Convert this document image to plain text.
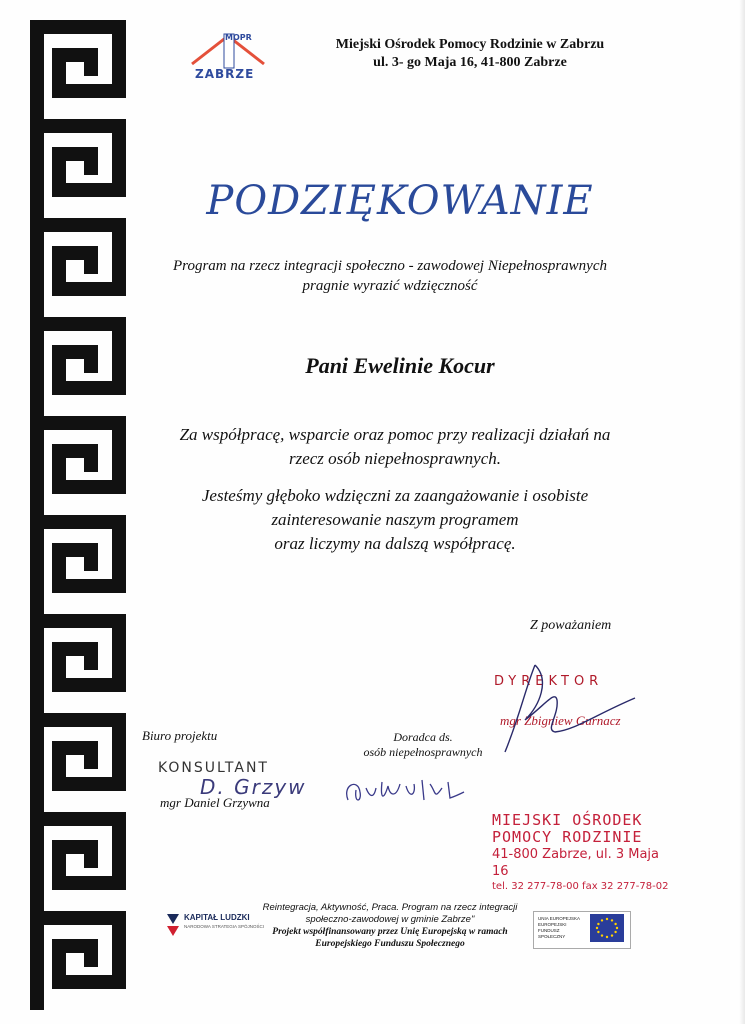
MOPR
ZABRZE
Miejski Ośrodek Pomocy Rodzinie w Zabrzu
ul. 3- go Maja 16, 41-800 Zabrze
PODZIĘKOWANIE
Program na rzecz integracji społeczno - zawodowej Niepełnosprawnych
pragnie wyrazić wdzięczność
Pani Ewelinie Kocur
Za współpracę, wsparcie oraz pomoc przy realizacji działań na
rzecz osób niepełnosprawnych.
Jesteśmy głęboko wdzięczni za zaangażowanie i osobiste
zainteresowanie naszym programem
oraz liczymy na dalszą współpracę.
Z poważaniem
DYREKTOR
mgr Zbigniew Gurnacz
Biuro projektu
KONSULTANT
D. Grzyw
mgr Daniel Grzywna
Doradca ds.
osób niepełnosprawnych
MIEJSKI OŚRODEK
POMOCY RODZINIE
41-800 Zabrze, ul. 3 Maja 16
tel. 32 277-78-00 fax 32 277-78-02
KAPITAŁ LUDZKI
NARODOWA STRATEGIA SPÓJNOŚCI
Reintegracja, Aktywność, Praca. Program na rzecz integracji
społeczno-zawodowej w gminie Zabrze"
Projekt współfinansowany przez Unię Europejską w ramach
Europejskiego Funduszu Społecznego
UNIA EUROPEJSKA EUROPEJSKI FUNDUSZ SPOŁECZNY
